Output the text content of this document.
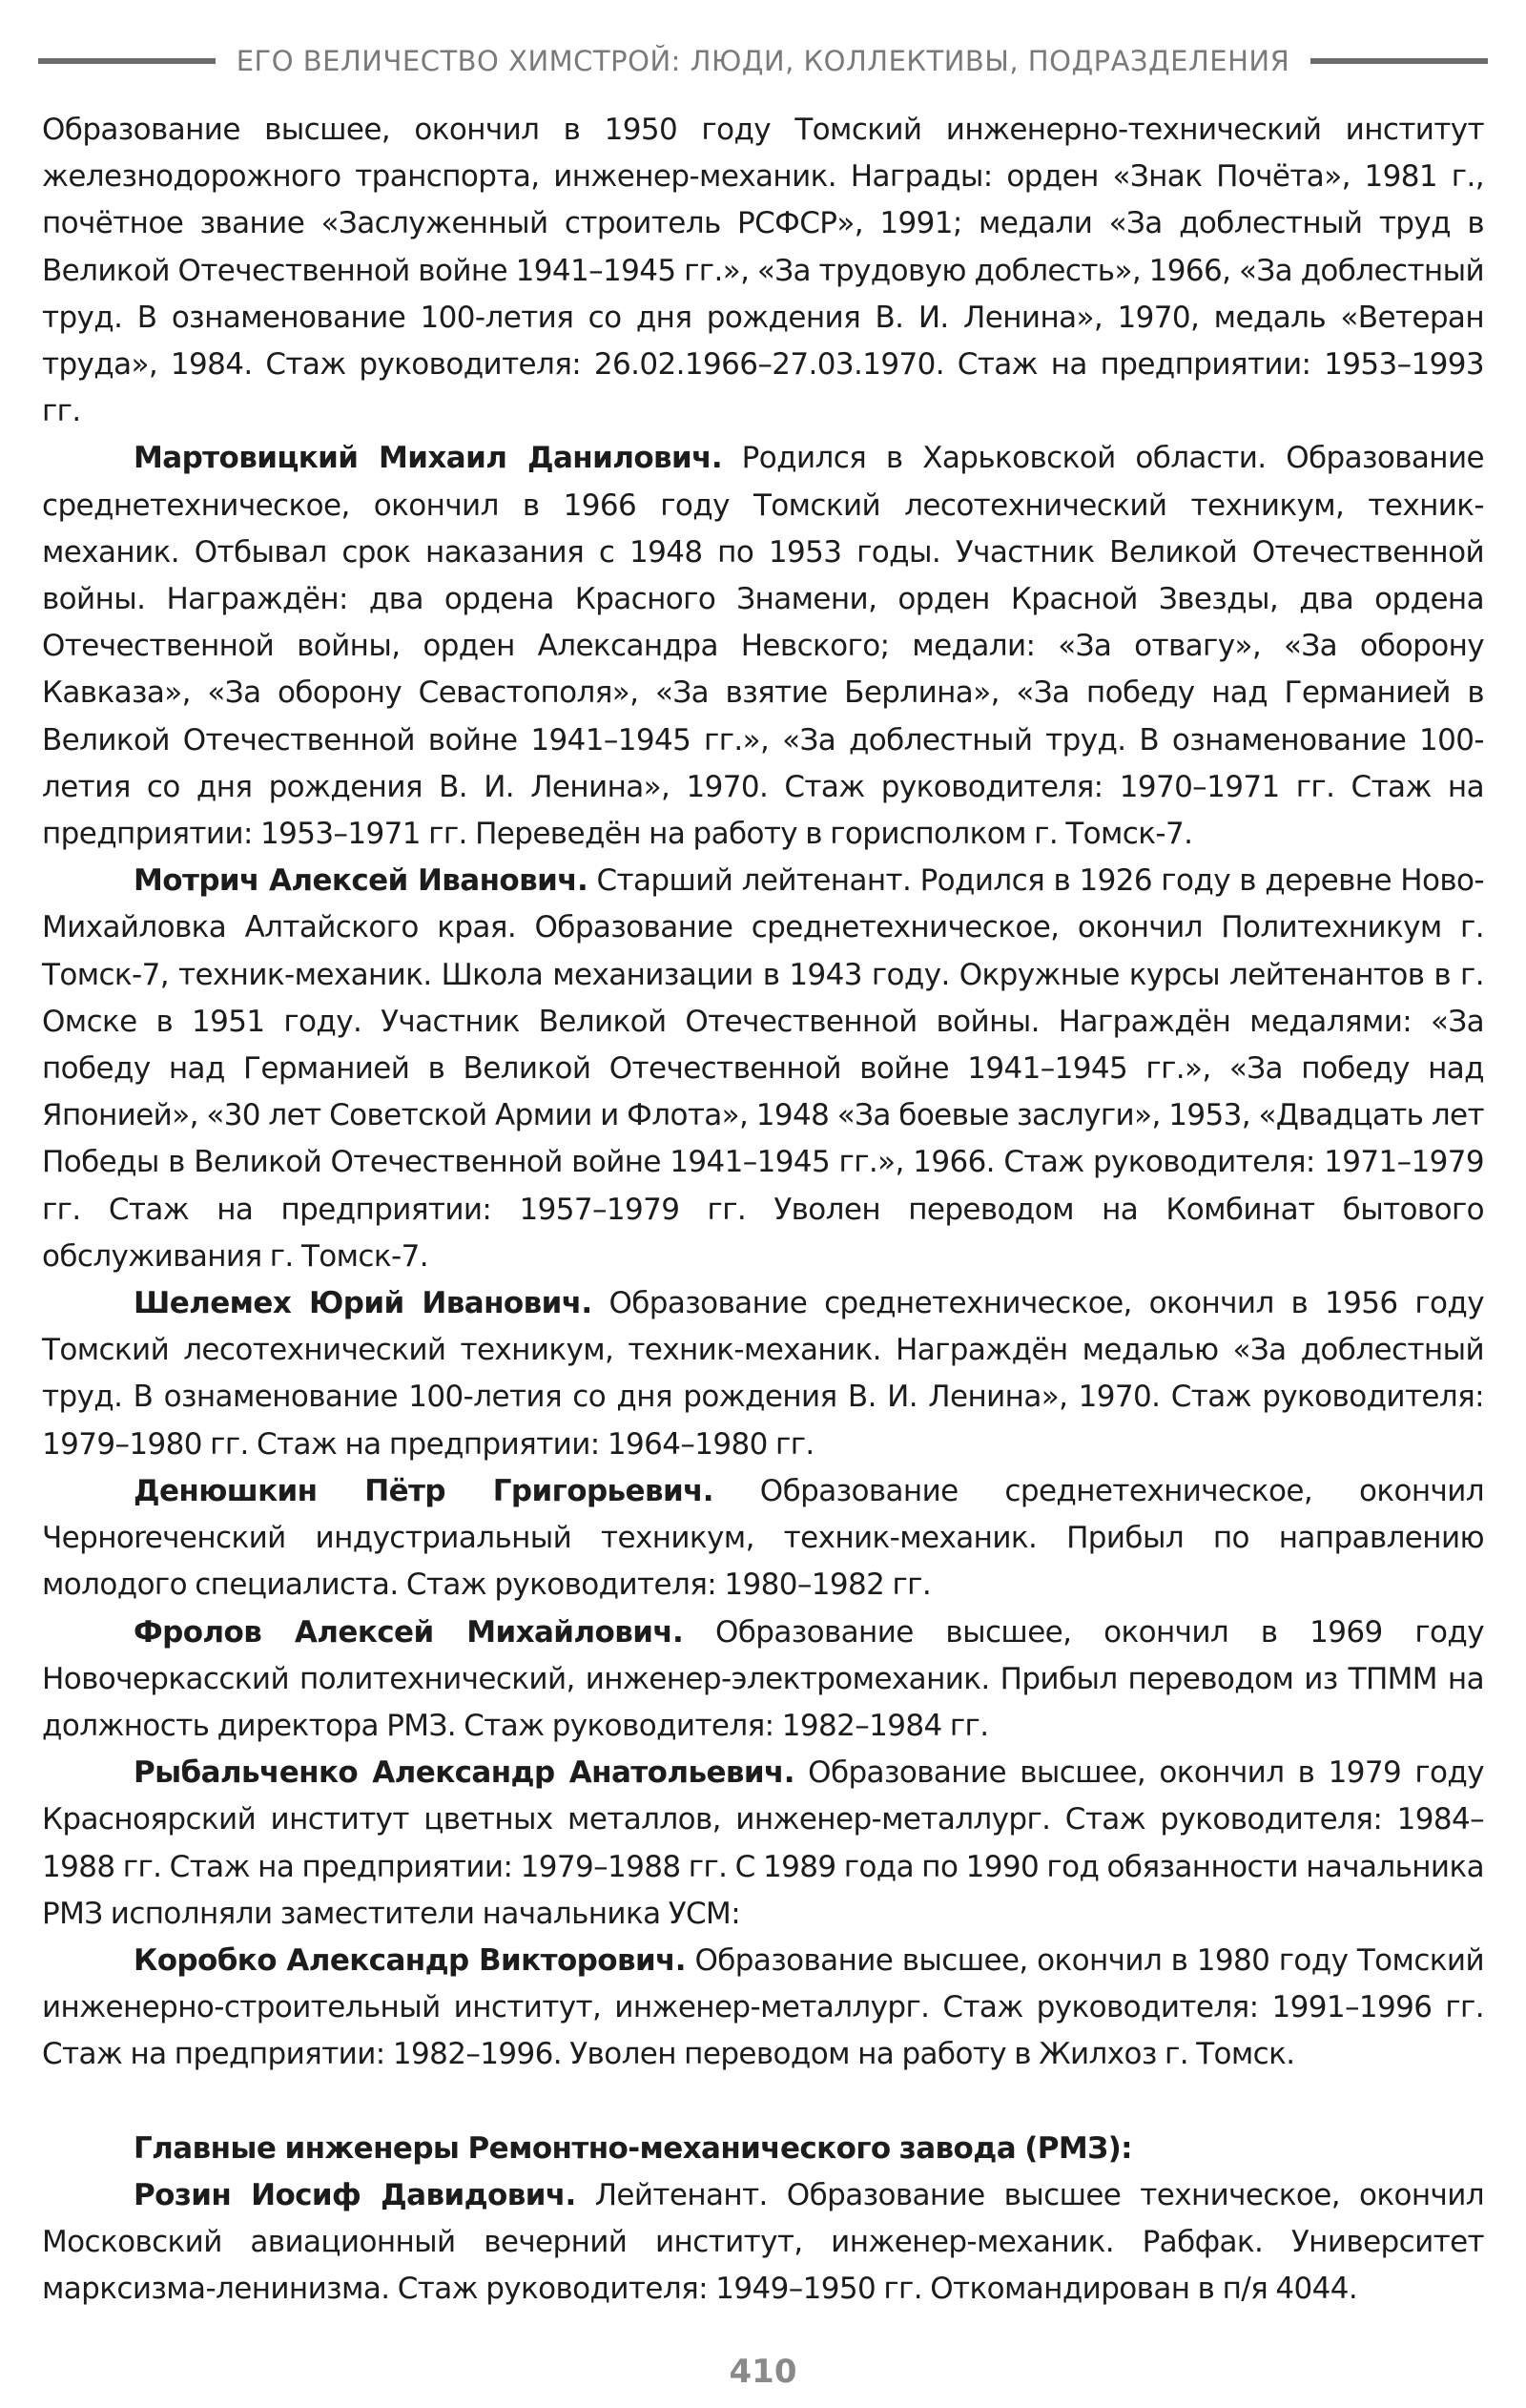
ЕГО ВЕЛИЧЕСТВО ХИМСТРОЙ: ЛЮДИ, КОЛЛЕКТИВЫ, ПОДРАЗДЕЛЕНИЯ

Образование высшее, окончил в 1950 году Томский инженерно-технический институт железнодорожного транспорта, инженер-механик. Награды: орден «Знак Почёта», 1981 г., почётное звание «Заслуженный строитель РСФСР», 1991; медали «За доблестный труд в Великой Отечественной войне 1941–1945 гг.», «За трудовую доблесть», 1966, «За доблестный труд. В ознаменование 100-летия со дня рождения В. И. Ленина», 1970, медаль «Ветеран труда», 1984. Стаж руководителя: 26.02.1966–27.03.1970. Стаж на предприятии: 1953–1993 гг.

Мартовицкий Михаил Данилович. Родился в Харьковской области. Образование среднетехническое, окончил в 1966 году Томский лесотехнический техникум, техник-механик. Отбывал срок наказания с 1948 по 1953 годы. Участник Великой Отечественной войны. Награждён: два ордена Красного Знамени, орден Красной Звезды, два ордена Отечественной войны, орден Александра Невского; медали: «За отвагу», «За оборону Кавказа», «За оборону Севастополя», «За взятие Берлина», «За победу над Германией в Великой Отечественной войне 1941–1945 гг.», «За доблестный труд. В ознаменование 100-летия со дня рождения В. И. Ленина», 1970. Стаж руководителя: 1970–1971 гг. Стаж на предприятии: 1953–1971 гг. Переведён на работу в горисполком г. Томск-7.

Мотрич Алексей Иванович. Старший лейтенант. Родился в 1926 году в деревне Ново-Михайловка Алтайского края. Образование среднетехническое, окончил Политехникум г. Томск-7, техник-механик. Школа механизации в 1943 году. Окружные курсы лейтенантов в г. Омске в 1951 году. Участник Великой Отечественной войны. Награждён медалями: «За победу над Германией в Великой Отечественной войне 1941–1945 гг.», «За победу над Японией», «30 лет Советской Армии и Флота», 1948 «За боевые заслуги», 1953, «Двадцать лет Победы в Великой Отечественной войне 1941–1945 гг.», 1966. Стаж руководителя: 1971–1979 гг. Стаж на предприятии: 1957–1979 гг. Уволен переводом на Комбинат бытового обслуживания г. Томск-7.

Шелемех Юрий Иванович. Образование среднетехническое, окончил в 1956 году Томский лесотехнический техникум, техник-механик. Награждён медалью «За доблестный труд. В ознаменование 100-летия со дня рождения В. И. Ленина», 1970. Стаж руководителя: 1979–1980 гг. Стаж на предприятии: 1964–1980 гг.

Денюшкин Пётр Григорьевич. Образование среднетехническое, окончил Черноreченский индустриальный техникум, техник-механик. Прибыл по направлению молодого специалиста. Стаж руководителя: 1980–1982 гг.

Фролов Алексей Михайлович. Образование высшее, окончил в 1969 году Новочеркасский политехнический, инженер-электромеханик. Прибыл переводом из ТПММ на должность директора РМЗ. Стаж руководителя: 1982–1984 гг.

Рыбальченко Александр Анатольевич. Образование высшее, окончил в 1979 году Красноярский институт цветных металлов, инженер-металлург. Стаж руководителя: 1984–1988 гг. Стаж на предприятии: 1979–1988 гг. С 1989 года по 1990 год обязанности начальника РМЗ исполняли заместители начальника УСМ:

Коробко Александр Викторович. Образование высшее, окончил в 1980 году Томский инженерно-строительный институт, инженер-металлург. Стаж руководителя: 1991–1996 гг. Стаж на предприятии: 1982–1996. Уволен переводом на работу в Жилхоз г. Томск.

Главные инженеры Ремонтно-механического завода (РМЗ):

Розин Иосиф Давидович. Лейтенант. Образование высшее техническое, окончил Московский авиационный вечерний институт, инженер-механик. Рабфак. Университет марксизма-ленинизма. Стаж руководителя: 1949–1950 гг. Откомандирован в п/я 4044.

410
